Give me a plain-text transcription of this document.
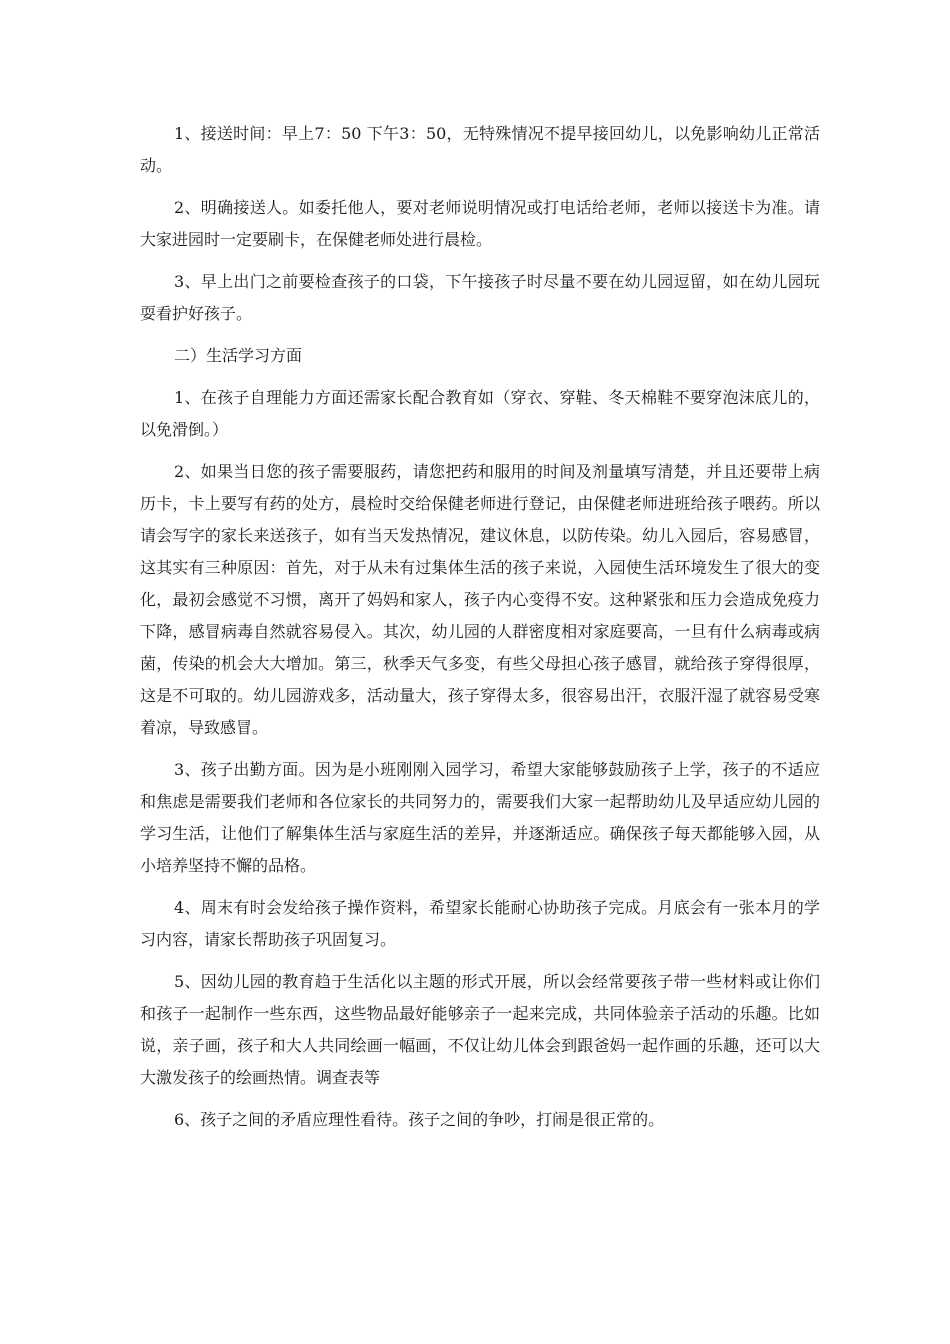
1、接送时间：早上7：50 下午3：50，无特殊情况不提早接回幼儿，以免影响幼儿正常活动。

2、明确接送人。如委托他人，要对老师说明情况或打电话给老师，老师以接送卡为准。请大家进园时一定要刷卡，在保健老师处进行晨检。

3、早上出门之前要检查孩子的口袋，下午接孩子时尽量不要在幼儿园逗留，如在幼儿园玩耍看护好孩子。

二）生活学习方面

1、在孩子自理能力方面还需家长配合教育如（穿衣、穿鞋、冬天棉鞋不要穿泡沫底儿的，以免滑倒。）

2、如果当日您的孩子需要服药，请您把药和服用的时间及剂量填写清楚，并且还要带上病历卡，卡上要写有药的处方，晨检时交给保健老师进行登记，由保健老师进班给孩子喂药。所以请会写字的家长来送孩子，如有当天发热情况，建议休息，以防传染。幼儿入园后，容易感冒，这其实有三种原因：首先，对于从未有过集体生活的孩子来说，入园使生活环境发生了很大的变化，最初会感觉不习惯，离开了妈妈和家人，孩子内心变得不安。这种紧张和压力会造成免疫力下降，感冒病毒自然就容易侵入。其次，幼儿园的人群密度相对家庭要高，一旦有什么病毒或病菌，传染的机会大大增加。第三，秋季天气多变，有些父母担心孩子感冒，就给孩子穿得很厚，这是不可取的。幼儿园游戏多，活动量大，孩子穿得太多，很容易出汗，衣服汗湿了就容易受寒着凉，导致感冒。

3、孩子出勤方面。因为是小班刚刚入园学习，希望大家能够鼓励孩子上学，孩子的不适应和焦虑是需要我们老师和各位家长的共同努力的，需要我们大家一起帮助幼儿及早适应幼儿园的学习生活，让他们了解集体生活与家庭生活的差异，并逐渐适应。确保孩子每天都能够入园，从小培养坚持不懈的品格。

4、周末有时会发给孩子操作资料，希望家长能耐心协助孩子完成。月底会有一张本月的学习内容，请家长帮助孩子巩固复习。

5、因幼儿园的教育趋于生活化以主题的形式开展，所以会经常要孩子带一些材料或让你们和孩子一起制作一些东西，这些物品最好能够亲子一起来完成，共同体验亲子活动的乐趣。比如说，亲子画，孩子和大人共同绘画一幅画，不仅让幼儿体会到跟爸妈一起作画的乐趣，还可以大大激发孩子的绘画热情。调查表等

6、孩子之间的矛盾应理性看待。孩子之间的争吵，打闹是很正常的。
